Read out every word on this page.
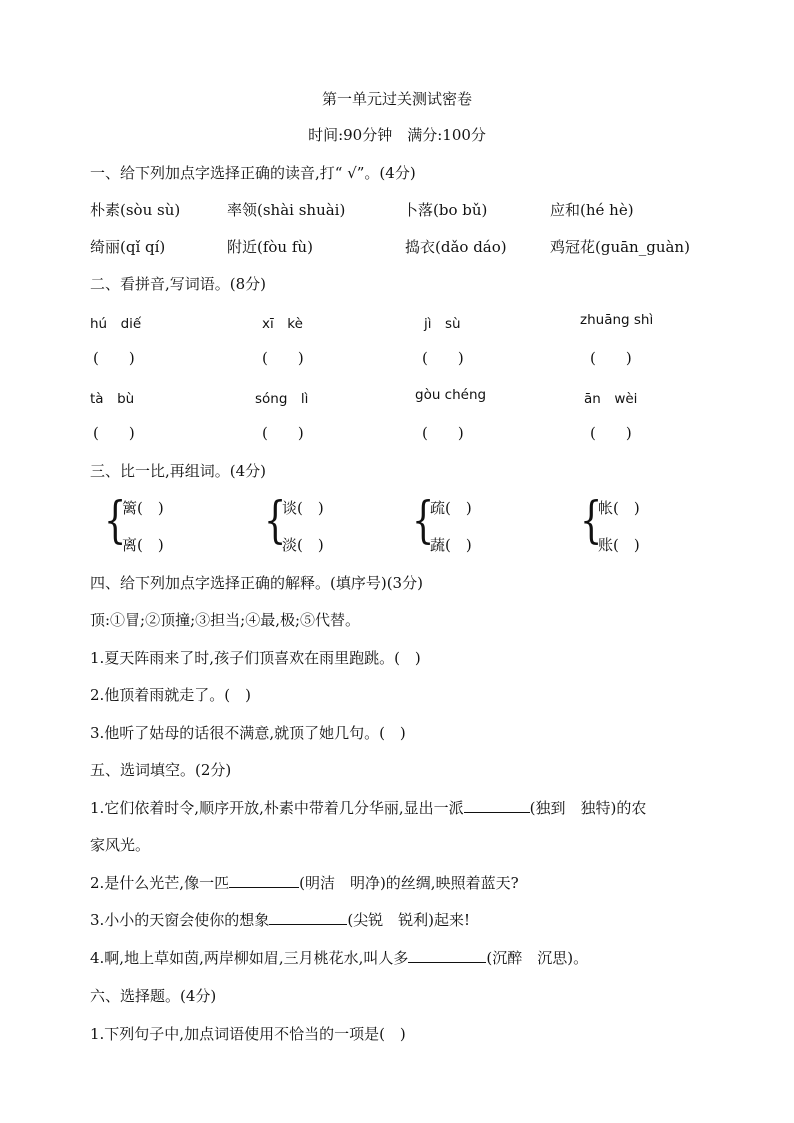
第一单元过关测试密卷
时间:90分钟　满分:100分
一、给下列加点字选择正确的读音,打“ √”。(4分)
朴素(sòu sù)	率领(shài shuài)	卜落(bo bǔ)	应和(hé hè)
绮丽(qǐ qí)	附近(fòu fù)	捣衣(dǎo dáo)	鸡冠花(guān_guàn)
二、看拼音,写词语。(8分)
hú　diế	xī　kè	jì　sù	zhuāng shì
(　　)	(　　)	(　　)	(　　)
tà　bù	sóng　lì	gòu chéng	ān　wèi
(　　)	(　　)	(　　)	(　　)
三、比一比,再组词。(4分)
{
篱(　)
离(　) {
谈(　)
淡(　) {
疏(　)
蔬(　) {
帐(　)
账(　)
四、给下列加点字选择正确的解释。(填序号)(3分)
顶:①冒;②顶撞;③担当;④最,极;⑤代替。
1.夏天阵雨来了时,孩子们顶喜欢在雨里跑跳。(　)
2.他顶着雨就走了。(　)
3.他听了姑母的话很不满意,就顶了她几句。(　)
五、选词填空。(2分)
1.它们依着时令,顺序开放,朴素中带着几分华丽,显出一派	(独到　独特)的农
家风光。
2.是什么光芒,像一匹	(明洁　明净)的丝绸,映照着蓝天?
3.小小的天窗会使你的想象	(尖锐　锐利)起来!
4.啊,地上草如茵,两岸柳如眉,三月桃花水,叫人多	(沉醉　沉思)。
六、选择题。(4分)
1.下列句子中,加点词语使用不恰当的一项是(　)
